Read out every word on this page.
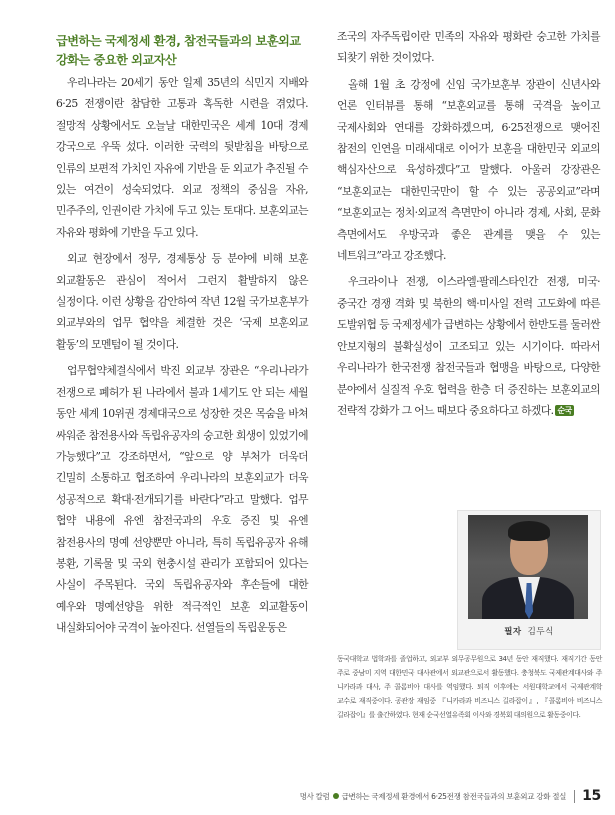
급변하는 국제정세 환경, 참전국들과의 보훈외교 강화는 중요한 외교자산

우리나라는 20세기 동안 일제 35년의 식민지 지배와 6·25 전쟁이란 참담한 고통과 혹독한 시련을 겪었다. 절망적 상황에서도 오늘날 대한민국은 세계 10대 경제 강국으로 우뚝 섰다. 이러한 국력의 뒷받침을 바탕으로 인류의 보편적 가치인 자유에 기반을 둔 외교가 추진될 수 있는 여건이 성숙되었다. 외교 정책의 중심을 자유, 민주주의, 인권이란 가치에 두고 있는 토대다. 보훈외교는 자유와 평화에 기반을 두고 있다.

외교 현장에서 정무, 경제통상 등 분야에 비해 보훈 외교활동은 관심이 적어서 그런지 활발하지 않은 실정이다. 이런 상황을 감안하여 작년 12월 국가보훈부가 외교부와의 업무 협약을 체결한 것은 ‘국제 보훈외교 활동’의 모멘텀이 될 것이다.

업무협약체결식에서 박진 외교부 장관은 “우리나라가 전쟁으로 폐허가 된 나라에서 불과 1세기도 안 되는 세월 동안 세계 10위권 경제대국으로 성장한 것은 목숨을 바쳐 싸워준 참전용사와 독립유공자의 숭고한 희생이 있었기에 가능했다”고 강조하면서, “앞으로 양 부처가 더욱더 긴밀히 소통하고 협조하여 우리나라의 보훈외교가 더욱 성공적으로 확대·전개되기를 바란다”라고 말했다. 업무 협약 내용에 유엔 참전국과의 우호 증진 및 유엔 참전용사의 명예 선양뿐만 아니라, 특히 독립유공자 유해 봉환, 기록물 및 국외 현충시설 관리가 포함되어 있다는 사실이 주목된다. 국외 독립유공자와 후손들에 대한 예우와 명예선양을 위한 적극적인 보훈 외교활동이 내실화되어야 국격이 높아진다. 선열들의 독립운동은

조국의 자주독립이란 민족의 자유와 평화란 숭고한 가치를 되찾기 위한 것이었다.

올해 1월 초 강정에 신임 국가보훈부 장관이 신년사와 언론 인터뷰를 통해 “보훈외교를 통해 국격을 높이고 국제사회와 연대를 강화하겠으며, 6·25전쟁으로 맺어진 참전의 인연을 미래세대로 이어가 보훈을 대한민국 외교의 핵심자산으로 육성하겠다”고 말했다. 아울러 강장관은 “보훈외교는 대한민국만이 할 수 있는 공공외교”라며 “보훈외교는 정치·외교적 측면만이 아니라 경제, 사회, 문화 측면에서도 우방국과 좋은 관계를 맺을 수 있는 네트워크”라고 강조했다.

우크라이나 전쟁, 이스라엘·팔레스타인간 전쟁, 미국·중국간 경쟁 격화 및 북한의 핵·미사일 전력 고도화에 따른 도발위협 등 국제정세가 급변하는 상황에서 한반도를 둘러싼 안보지형의 불확실성이 고조되고 있는 시기이다. 따라서 우리나라가 한국전쟁 참전국들과 협맹을 바탕으로, 다양한 분야에서 실질적 우호 협력을 한층 더 증진하는 보훈외교의 전략적 강화가 그 어느 때보다 중요하다고 하겠다. 순국

필자 김두식
동국대학교 법학과를 졸업하고, 외교부 외무공무원으로 34년 동안 재직했다. 재직기간 동안 주로 중남미 지역 대한민국 대사관에서 외교관으로서 활동했다. 충청북도 국제관계대사와 주 니카라과 대사, 주 콜롬비아 대사를 역임했다. 퇴직 이후에는 서원대학교에서 국제관계학 교수로 재직중이다. 공관장 재임중 『니카라과 비즈니스 길라잡이』, 『콜롬비아 비즈니스 길라잡이』를 출간하였다. 현재 순국선열유족회 이사와 경북회 대의원으로 활동중이다.
명사 칼럼 급변하는 국제정세 환경에서 6·25전쟁 참전국들과의 보훈외교 강화 절실 15
